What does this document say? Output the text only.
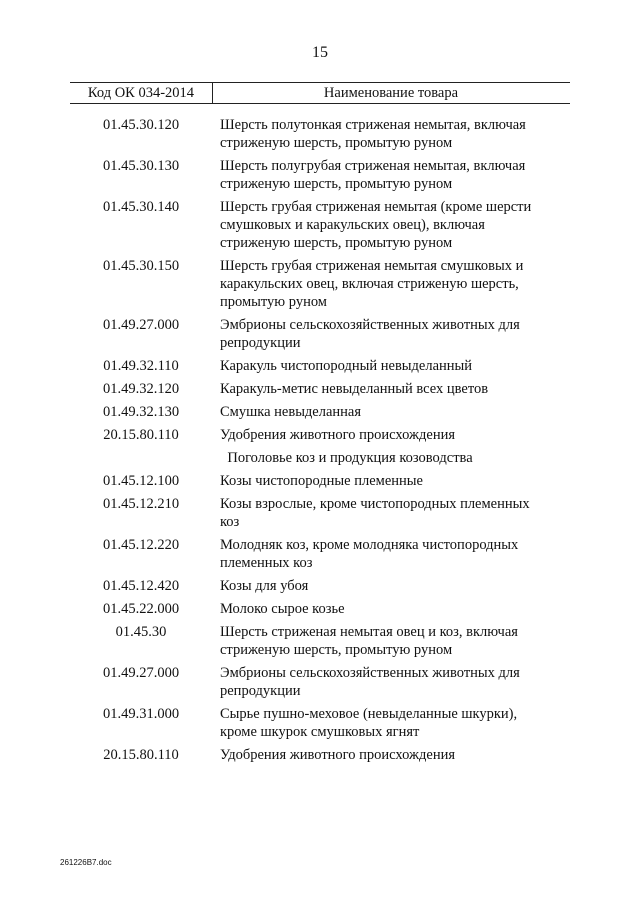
15
Код ОК 034-2014	Наименование товара
01.45.30.120	Шерсть полутонкая стриженая немытая, включая стриженую шерсть, промытую руном
01.45.30.130	Шерсть полугрубая стриженая немытая, включая стриженую шерсть, промытую руном
01.45.30.140	Шерсть грубая стриженая немытая (кроме шерсти смушковых и каракульских овец), включая стриженую шерсть, промытую руном
01.45.30.150	Шерсть грубая стриженая немытая смушковых и каракульских овец, включая стриженую шерсть, промытую руном
01.49.27.000	Эмбрионы сельскохозяйственных животных для репродукции
01.49.32.110	Каракуль чистопородный невыделанный
01.49.32.120	Каракуль-метис невыделанный всех цветов
01.49.32.130	Смушка невыделанная
20.15.80.110	Удобрения животного происхождения
Поголовье коз и продукция козоводства
01.45.12.100	Козы чистопородные племенные
01.45.12.210	Козы взрослые, кроме чистопородных племенных коз
01.45.12.220	Молодняк коз, кроме молодняка чистопородных племенных коз
01.45.12.420	Козы для убоя
01.45.22.000	Молоко сырое козье
01.45.30	Шерсть стриженая немытая овец и коз, включая стриженую шерсть, промытую руном
01.49.27.000	Эмбрионы сельскохозяйственных животных для репродукции
01.49.31.000	Сырье пушно-меховое (невыделанные шкурки), кроме шкурок смушковых ягнят
20.15.80.110	Удобрения животного происхождения
261226B7.doc
